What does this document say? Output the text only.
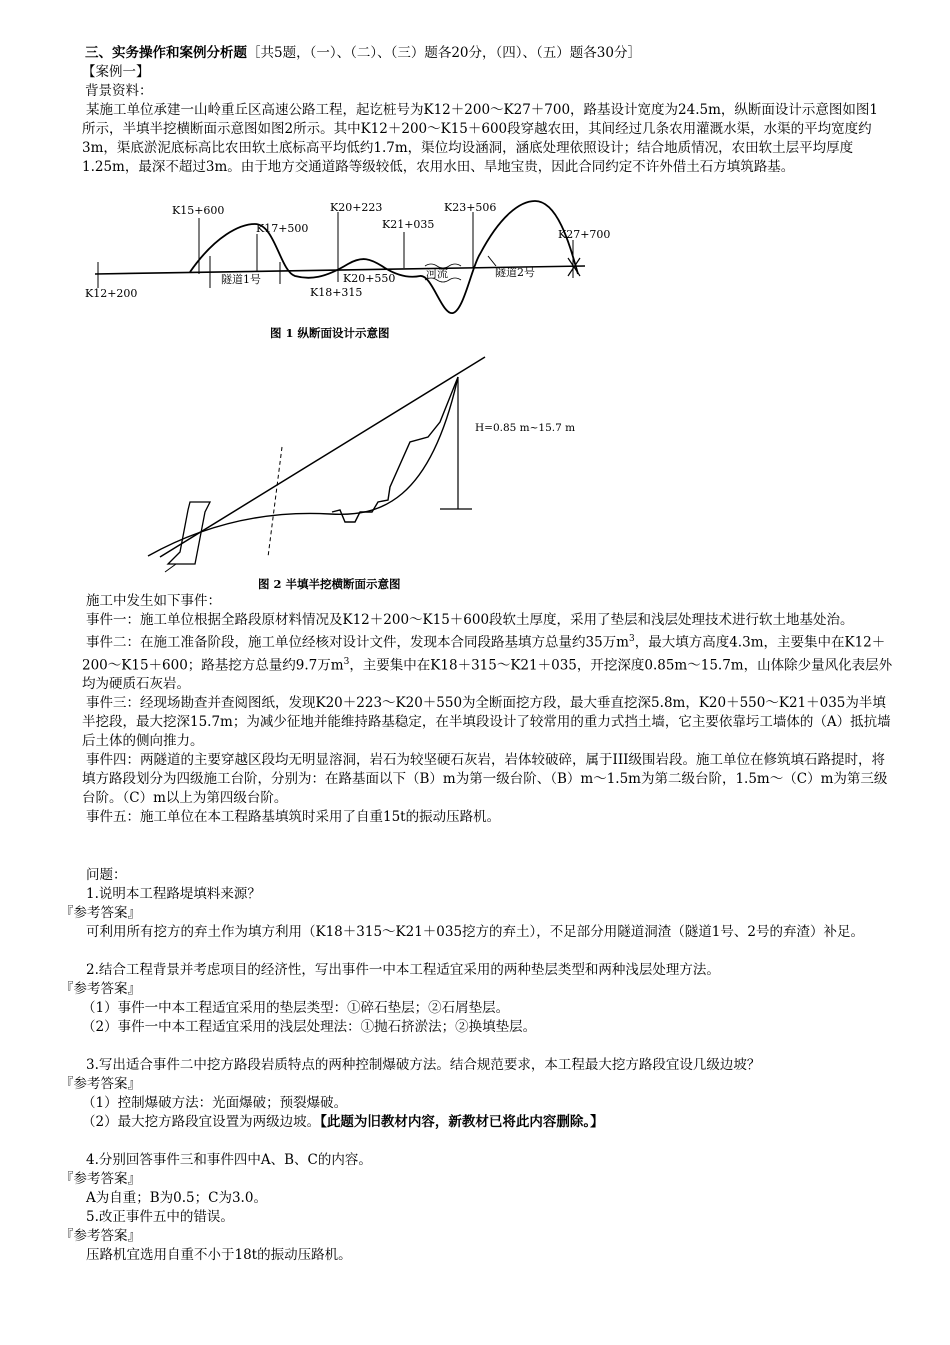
三、实务操作和案例分析题［共5题，（一）、（二）、（三）题各20分，（四）、（五）题各30分］
【案例一】
背景资料：
某施工单位承建一山岭重丘区高速公路工程，起讫桩号为K12＋200～K27＋700，路基设计宽度为24.5m，纵断面设计示意图如图1所示，半填半挖横断面示意图如图2所示。其中K12＋200～K15＋600段穿越农田，其间经过几条农用灌溉水渠，水渠的平均宽度约3m，渠底淤泥底标高比农田软土底标高平均低约1.7m，渠位均设涵洞，涵底处理依照设计；结合地质情况，农田软土层平均厚度1.25m，最深不超过3m。由于地方交通道路等级较低，农用水田、旱地宝贵，因此合同约定不许外借土石方填筑路基。
K15+600
K17+500
K20+223
K21+035
K23+506
K27+700
K12+200	K18+315
K20+550
隧道1号	河流	隧道2号
图 1 纵断面设计示意图
H=0.85 m~15.7 m
图 2 半填半挖横断面示意图
施工中发生如下事件：
事件一：施工单位根据全路段原材料情况及K12＋200～K15＋600段软土厚度，采用了垫层和浅层处理技术进行软土地基处治。
事件二：在施工准备阶段，施工单位经核对设计文件，发现本合同段路基填方总量约35万$m^3$，最大填方高度4.3m，主要集中在K12＋200～K15＋600；路基挖方总量约9.7万$m^3$，主要集中在K18＋315～K21＋035，开挖深度0.85m～15.7m，山体除少量风化表层外均为硬质石灰岩。
事件三：经现场勘查并查阅图纸，发现K20＋223～K20＋550为全断面挖方段，最大垂直挖深5.8m，K20＋550～K21＋035为半填半挖段，最大挖深15.7m；为减少征地并能维持路基稳定，在半填段设计了较常用的重力式挡土墙，它主要依靠圬工墙体的（A）抵抗墙后土体的侧向推力。
事件四：两隧道的主要穿越区段均无明显溶洞，岩石为较坚硬石灰岩，岩体较破碎，属于III级围岩段。施工单位在修筑填石路提时，将填方路段划分为四级施工台阶，分别为：在路基面以下（B）m为第一级台阶、（B）m～1.5m为第二级台阶，1.5m～（C）m为第三级台阶。（C）m以上为第四级台阶。
事件五：施工单位在本工程路基填筑时采用了自重15t的振动压路机。
问题：
1.说明本工程路堤填料来源？
『参考答案』
可利用所有挖方的弃土作为填方利用（K18＋315～K21＋035挖方的弃土），不足部分用隧道洞渣（隧道1号、2号的弃渣）补足。
2.结合工程背景并考虑项目的经济性，写出事件一中本工程适宜采用的两种垫层类型和两种浅层处理方法。
『参考答案』
（1）事件一中本工程适宜采用的垫层类型：①碎石垫层；②石屑垫层。
（2）事件一中本工程适宜采用的浅层处理法：①抛石挤淤法；②换填垫层。
3.写出适合事件二中挖方路段岩质特点的两种控制爆破方法。结合规范要求，本工程最大挖方路段宜设几级边坡？
『参考答案』
（1）控制爆破方法：光面爆破；预裂爆破。
（2）最大挖方路段宜设置为两级边坡。【此题为旧教材内容，新教材已将此内容删除。】
4.分别回答事件三和事件四中A、B、C的内容。
『参考答案』
A为自重；B为0.5；C为3.0。
5.改正事件五中的错误。
『参考答案』
压路机宜选用自重不小于18t的振动压路机。
